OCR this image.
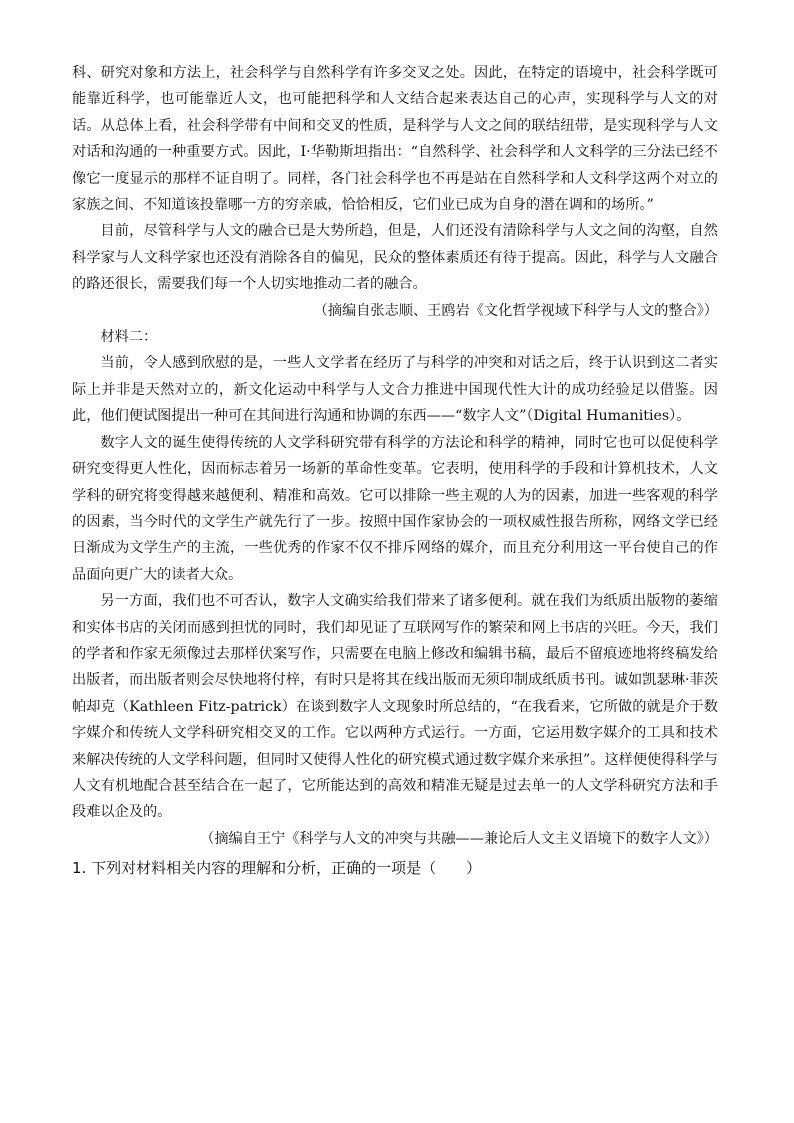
科、研究对象和方法上，社会科学与自然科学有许多交叉之处。因此，在特定的语境中，社会科学既可能靠近科学，也可能靠近人文，也可能把科学和人文结合起来表达自己的心声，实现科学与人文的对话。从总体上看，社会科学带有中间和交叉的性质，是科学与人文之间的联结纽带，是实现科学与人文对话和沟通的一种重要方式。因此，I·华勒斯坦指出：“自然科学、社会科学和人文科学的三分法已经不像它一度显示的那样不证自明了。同样，各门社会科学也不再是站在自然科学和人文科学这两个对立的家族之间、不知道该投靠哪一方的穷亲戚，恰恰相反，它们业已成为自身的潜在调和的场所。”

目前，尽管科学与人文的融合已是大势所趋，但是，人们还没有清除科学与人文之间的沟壑，自然科学家与人文科学家也还没有消除各自的偏见，民众的整体素质还有待于提高。因此，科学与人文融合的路还很长，需要我们每一个人切实地推动二者的融合。

（摘编自张志顺、王鸥岩《文化哲学视域下科学与人文的整合》）

材料二：

当前，令人感到欣慰的是，一些人文学者在经历了与科学的冲突和对话之后，终于认识到这二者实际上并非是天然对立的，新文化运动中科学与人文合力推进中国现代性大计的成功经验足以借鉴。因此，他们便试图提出一种可在其间进行沟通和协调的东西——“数字人文”（Digital Humanities）。

数字人文的诞生使得传统的人文学科研究带有科学的方法论和科学的精神，同时它也可以促使科学研究变得更人性化，因而标志着另一场新的革命性变革。它表明，使用科学的手段和计算机技术，人文学科的研究将变得越来越便利、精准和高效。它可以排除一些主观的人为的因素，加进一些客观的科学的因素，当今时代的文学生产就先行了一步。按照中国作家协会的一项权威性报告所称，网络文学已经日渐成为文学生产的主流，一些优秀的作家不仅不排斥网络的媒介，而且充分利用这一平台使自己的作品面向更广大的读者大众。

另一方面，我们也不可否认，数字人文确实给我们带来了诸多便利。就在我们为纸质出版物的萎缩和实体书店的关闭而感到担忧的同时，我们却见证了互联网写作的繁荣和网上书店的兴旺。今天，我们的学者和作家无须像过去那样伏案写作，只需要在电脑上修改和编辑书稿，最后不留痕迹地将终稿发给出版者，而出版者则会尽快地将付梓，有时只是将其在线出版而无须印制成纸质书刊。诚如凯瑟琳·菲茨帕却克（Kathleen Fitz-patrick）在谈到数字人文现象时所总结的，“在我看来，它所做的就是介于数字媒介和传统人文学科研究相交叉的工作。它以两种方式运行。一方面，它运用数字媒介的工具和技术来解决传统的人文学科问题，但同时又使得人性化的研究模式通过数字媒介来承担”。这样便使得科学与人文有机地配合甚至结合在一起了，它所能达到的高效和精准无疑是过去单一的人文学科研究方法和手段难以企及的。

（摘编自王宁《科学与人文的冲突与共融——兼论后人文主义语境下的数字人文》）

1. 下列对材料相关内容的理解和分析，正确的一项是（　　）
